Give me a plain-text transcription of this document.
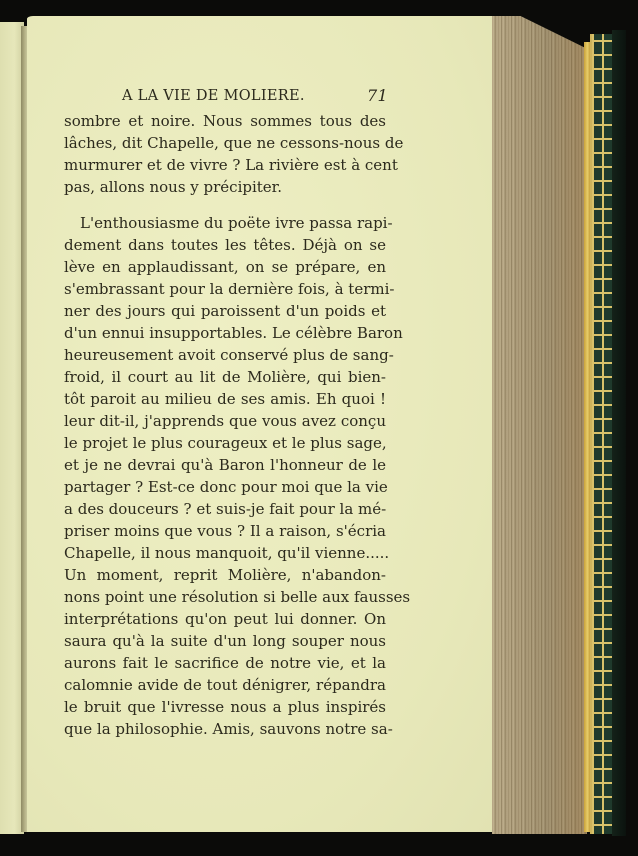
A LA VIE DE MOLIERE.	71

sombre et noire. Nous sommes tous des
lâches, dit Chapelle, que ne cessons-nous de
murmurer et de vivre ? La rivière est à cent
pas, allons nous y précipiter.

L'enthousiasme du poëte ivre passa rapi-
dement dans toutes les têtes. Déjà on se
lève en applaudissant, on se prépare, en
s'embrassant pour la dernière fois, à termi-
ner des jours qui paroissent d'un poids et
d'un ennui insupportables. Le célèbre Baron
heureusement avoit conservé plus de sang-
froid, il court au lit de Molière, qui bien-
tôt paroit au milieu de ses amis. Eh quoi !
leur dit-il, j'apprends que vous avez conçu
le projet le plus courageux et le plus sage,
et je ne devrai qu'à Baron l'honneur de le
partager ? Est-ce donc pour moi que la vie
a des douceurs ? et suis-je fait pour la mé-
priser moins que vous ? Il a raison, s'écria
Chapelle, il nous manquoit, qu'il vienne.....
Un moment, reprit Molière, n'abandon-
nons point une résolution si belle aux fausses
interprétations qu'on peut lui donner. On
saura qu'à la suite d'un long souper nous
aurons fait le sacrifice de notre vie, et la
calomnie avide de tout dénigrer, répandra
le bruit que l'ivresse nous a plus inspirés
que la philosophie. Amis, sauvons notre sa-
